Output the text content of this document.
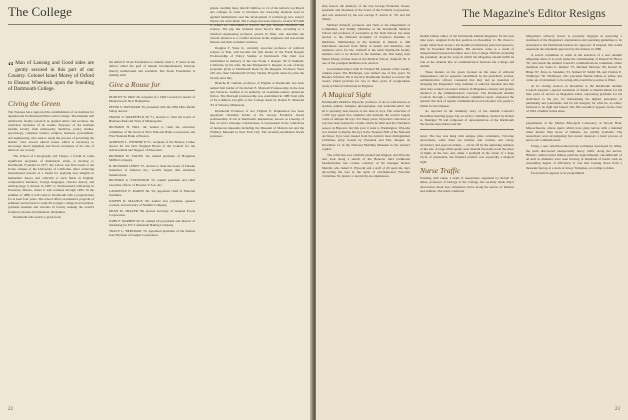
The College
“ Man of Lansing and Good sides are gently secured in this part of our Country. Colonel Israel Morey of Orford to Eleazar Wheelock upon the founding of Dartmouth College.
Civing the Green

The Trustees have approved the establishment of an Institute for Applied and Professional Ethics at the College. The Institute will underwrite faculty research in applied ethics and promote the curricular inclusion of its results. Purposes of the institute include faculty from philosophy, medicine, policy studies, psychology, computer science, religion, business, government, and engineering, who seek to study the process of governing the holistic view toward ethical issues which is necessary to encourage moral judgment and broad awareness of the role of ethics in our society.

The School of Cartography and Thayer, a forum of some significant programs of humanistic study, is moving to Dartmouth. Founded in 1977, the school was first based at the Irvine campus of the University of California. After achieving international renown as a forum for applying new insights in humanistic theory and criticism to such fields as English, comparative literature, foreign languages, classics, history and anthropology, it moved, in 1987, to Northwestern University in Evanston, Illinois, where it will continue through 1992. In the summer of 1988, it will come to Dartmouth with a program here for at least four years. The school offers an intensive program of seminars and lectures to some 60 younger college-level teachers, graduate students and scholars in faculty seeking the world's foremost scholars in humanistic disciplines.

Dartmouth will receive a grant from

the Alfred P. Sloan Foundation to remedy what C. P. Snow in the Alfred called the gulf of mutual incomprehension between literary intellectuals and scientists. The Sloan Foundation is making such

Give a Rouse for

DUDLEY W. ORR '29, recipient of a 1982 Governor's Award of Distinction in New Hampshire.

PETER S. HAYWARD '70, presented with the 1982 Ohio Medal Safety Award.

FRANK V. WAKEFIELD III '71, elected to chair the board of Business Risk and Trust of Minneapolis.

RICHARD H. HILL '44, named to chair the executive committee of the board of First National Bank Corporation and First National Bank of Boston.

ADDISON L. WINSHIP II '51, recipient of the Eleanor Collier Award for the New England Board of the Council for the Advancement and Support of Education.

RICHARD W. YOUNG '44, named president of Houghton Mifflin Company.

R. RICHARD LEDES '57, elected to chair the board of Putnam Industries of America Inc., world's largest dust emulsion manufacturer.

RICHARD A. STANWOOD '55, named president and chief executive officer of Bowater U.S.A. Inc.

LAWRENCE E. MARTZ JR. '34, appointed chief of National Institutes.

JOSEPH D. MAGNUS '60, named vice president, general counsel, and secretary of Summit Company.

DEAN M. SHAVER '68, elected secretary of General Foods Corporation.

JOHN P. WARREN III '41, named vice president and director of marketing for ITT Continental Baking Company.

TRACY L. BERTRAM '70, appointed president of the Donnis Jean Division of Gadget Corporation.

grants, totalling more than $3 million, to 12 of the nation's top liberal arts colleges in order to introduce the reasoning methods used in applied mathematics and the development of technology into today's liberal arts curriculum. The College has been slated to receive $75,000 to reflect its curriculum to narrow the gap between literature and science. The gap has widened since Snow's time, according to a Stanford engineering professor quoted in Time, who describes the current situation as a conflict between techie engineers and non-techie liberals and their academic teachers.

Douglas T. Yates Jr., currently associate professor of political science at Yale, will become the first holder of the Frank Reagan Professorship of Policy Studies at Dartmouth. The chair was established in memory of the late Frank J. Reagan '49 of Oakland, California, by his wife, the late Marguerite S. Reagan, as one of many programs given to Dartmouth made by the Reagans. Professor Yates will also chair Dartmouth's Policy Studies Program when he joins the faculty next July.

Blanche H. Gelfant, professor of English at Dartmouth, has been named first holder of the Robert E. Maxwell Professorship in the Arts and Sciences. Gelfant is an authority on twentieth-century American fiction. The Maxwell professorship was established in 1980 from gifts of $1.4 million and gifts to the College made by Robert E. Maxwell '23 of Winona, Minnesota.

Dartmouth Professor of Art Virginia E. Raphaelson has been appointed chairman holder of the George Frederick Jewett professorship of Art at Dartmouth. Raphaelson, known as a keenly of fine art and a massage constructions, is represented in the collections of numerous museums including the Museum of Modern Art and the Whitney Museum in New York City. The recently-established Jewett professor-

22
The Magazine's Editor Resigns

ship honors the memory of the late George Frederick Jewett, president and chairman of the board of the Potlatch Corporation, and was endowed by his son George F. Jewett Jr. '50, and his family.

Michael Zubkoff, professor and chair of the Department of Community and Family Medicine at the Dartmouth Medical School and professor of economics at the Tuck School, has been elected to the National Academy of Science's Institute of Medicine. Membership in the Institute is limited to 400 individuals selected from fields of health and medicine, and members serve for life. Zubkoff is the sixth Dartmouth faculty member ever to be elected to the institute, the first being Jean Mann Tinney, former dean of the Medical School. Zubkoff, 36, is one of the youngest members ever elected.

Government major John W. Farmed '84, founder of the weekly campus paper The Harbinger, was named one of this year's 32 Rhodes Scholars. He is the 61st Dartmouth student to receive the award, which provides for two or three years of postgraduate study at Oxford University in England.

A Magical Sight

Dartmouth's Matthew Wysocki, professor of art, is well-known as teacher, painter, designer, photographer, and naturalist-artist; but he is probably best known as the man of toys. His collection of 1,500 toys spans five centuries and includes the world's largest cache of antique tin toys. For many years, Wysocki's collection of toys has been housed in a home which he built and the Christmas season in Hanover, but this year it went to Washington. Wysocki was invited to display his toys in the Treasure Hall of the National Archives. Toys were treated from the nation's most distinguished Christmas party, hosted by President and Mrs. Reagan on December 12 in the National Building Museum in the nation's capital.

The collection was carefully packed and shipped, and Wysocki also took along a sketch of the Hanover Inn's traditional mountain-like tree cookie, courtesy of his manager Robert Merrim, who baked it. Wysocki and a staff of 20 spent the days decorating the tree in the spirit of old-fashioned Victorian Christmas. No plastic or electricity, he emphasizes.

Dennis Dinan, editor of the Dartmouth Alumni Magazine for the past nine years, resigned from that position on December 11. He chose to resign rather than accept a six-months probationary period proposed to him by President McLaughlin. His decision came as a result of disagreement between the editor and a few College officials, including the president, about the ways in which the Magazine should fulfill its role as the channel line of communication between the College and alumni.

These matters on the green focused on the issue of editorial independence and its apparent curtailment by the president's actions. Administrative officers countered that they had no intention of changing the Magazine's long tradition of editorial freedom and that what they wanted was better balance in Magazine contents and greater attention to the administration's concerns. The Dartmouth Alumni Council, through a communications committee report, expressed the opinion that lack of regular communication on both sides was partly to blame for the impasse.

As reported in the summary story of the Alumni Council's December meeting (page 54), an ad hoc committee, chaired by Robert A. Danziger '70 and composed of representatives of the Dartmouth Secretaries Association and the

sized. The tree was hung with antique glass ornaments, Victorian decorations, some dried sea urchins, and cookies, and candy, strawberry and popcorn strings — all set off by the upturning radiance of the tree. A large white spider seen beneath blossoms nook the place of lights on the tree, and, under a spotlight in the center of a huge circle of poinsettias, the finished product was reportedly a magical sight.

Nurse Traffic

Working with equal, a team of researchers organized by Robert D. Allen, professor of biology at the College, has recently made major discoveries about how substances move along the nerves of humans and animals. The team conducted

Magazine's advisory board, is presently engaged in preparing a statement of the Magazine's organization and operating guidelines to be presented to the Dartmouth trustees for approval. If adopted, this would supersede the statement approved by the trustees in 1980.

A search committee to assist in the selection of a new Alumni Magazine editor is at work under the chairmanship of Russell W. Bruce '50, who heads the Alumni Council's communications committee. Other members are Sonia G. Diemer '75, Michael McGraw '60, Robert D. Blake '67, Dave A. Saunders '53, Samuel W. Smith '66, and Charles E. Widmayer '30. Widmayer, who preceded Dennis Dinan as editor, has come out of retirement to be acting editor until the position is filled.

At its closing session on December 4, the Dartmouth Alumni Council adopted a special resolution of thanks to Dennis Dinan for his nine years of service as Magazine editor, expressing gratitude for his dedication to his job, for maintaining the highest principles of publishing and journalism, and for his integrity for what he, as editor, believed to be right and honest. The full resolution appears in the class of 1961 columns in this issue.

experiments at the Marine Biological Laboratory at Woods Hole, Massachusetts, where squid, which have giant nerves with a hundred times thicker than those of humans, are readily available. The researchers were investigating fast axonal transport, a basic process of nerve cell communication.

Using a new television-microscopy technique developed by Allen, the team discovered unexpectedly heavy traffic along the nerves. Hitherto undiscovered minute particles approximately one-millionth of an inch in diameter were seen moving in hundreds of bursts with an astounding degree of efficiency. It was like looking down from a thousand feet up at a stack of Jersey Turnpikes, according to Allen.

Each particle appears to be programmed

23
